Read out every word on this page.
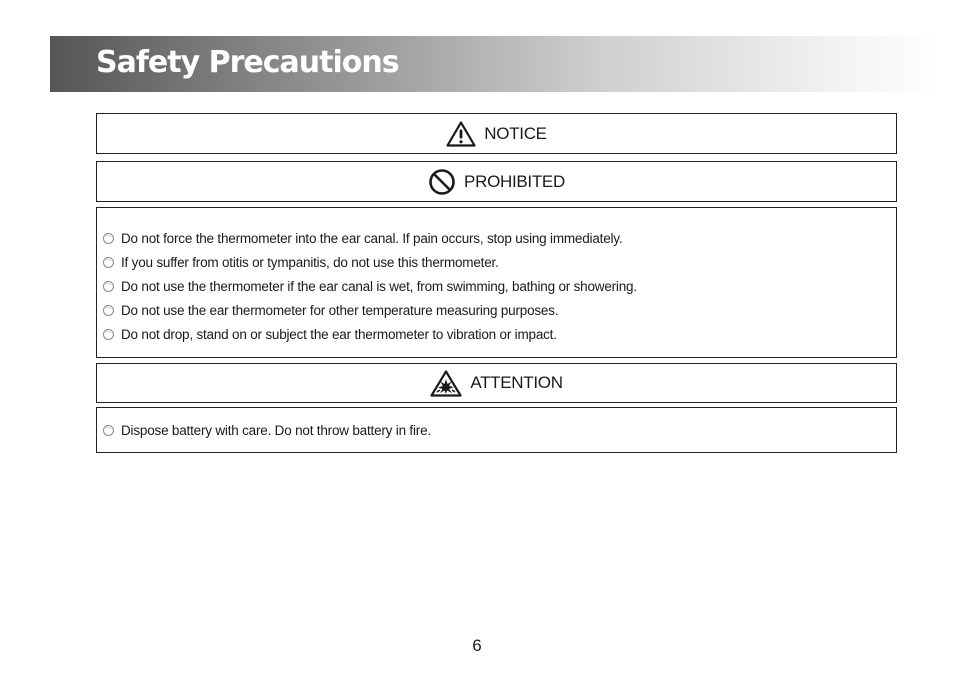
Safety Precautions
NOTICE
PROHIBITED
Do not force the thermometer into the ear canal. If pain occurs, stop using immediately.
If you suffer from otitis or tympanitis, do not use this thermometer.
Do not use the thermometer if the ear canal is wet, from swimming, bathing or showering.
Do not use the ear thermometer for other temperature measuring purposes.
Do not drop, stand on or subject the ear thermometer to vibration or impact.
ATTENTION
Dispose battery with care. Do not throw battery in fire.
6
